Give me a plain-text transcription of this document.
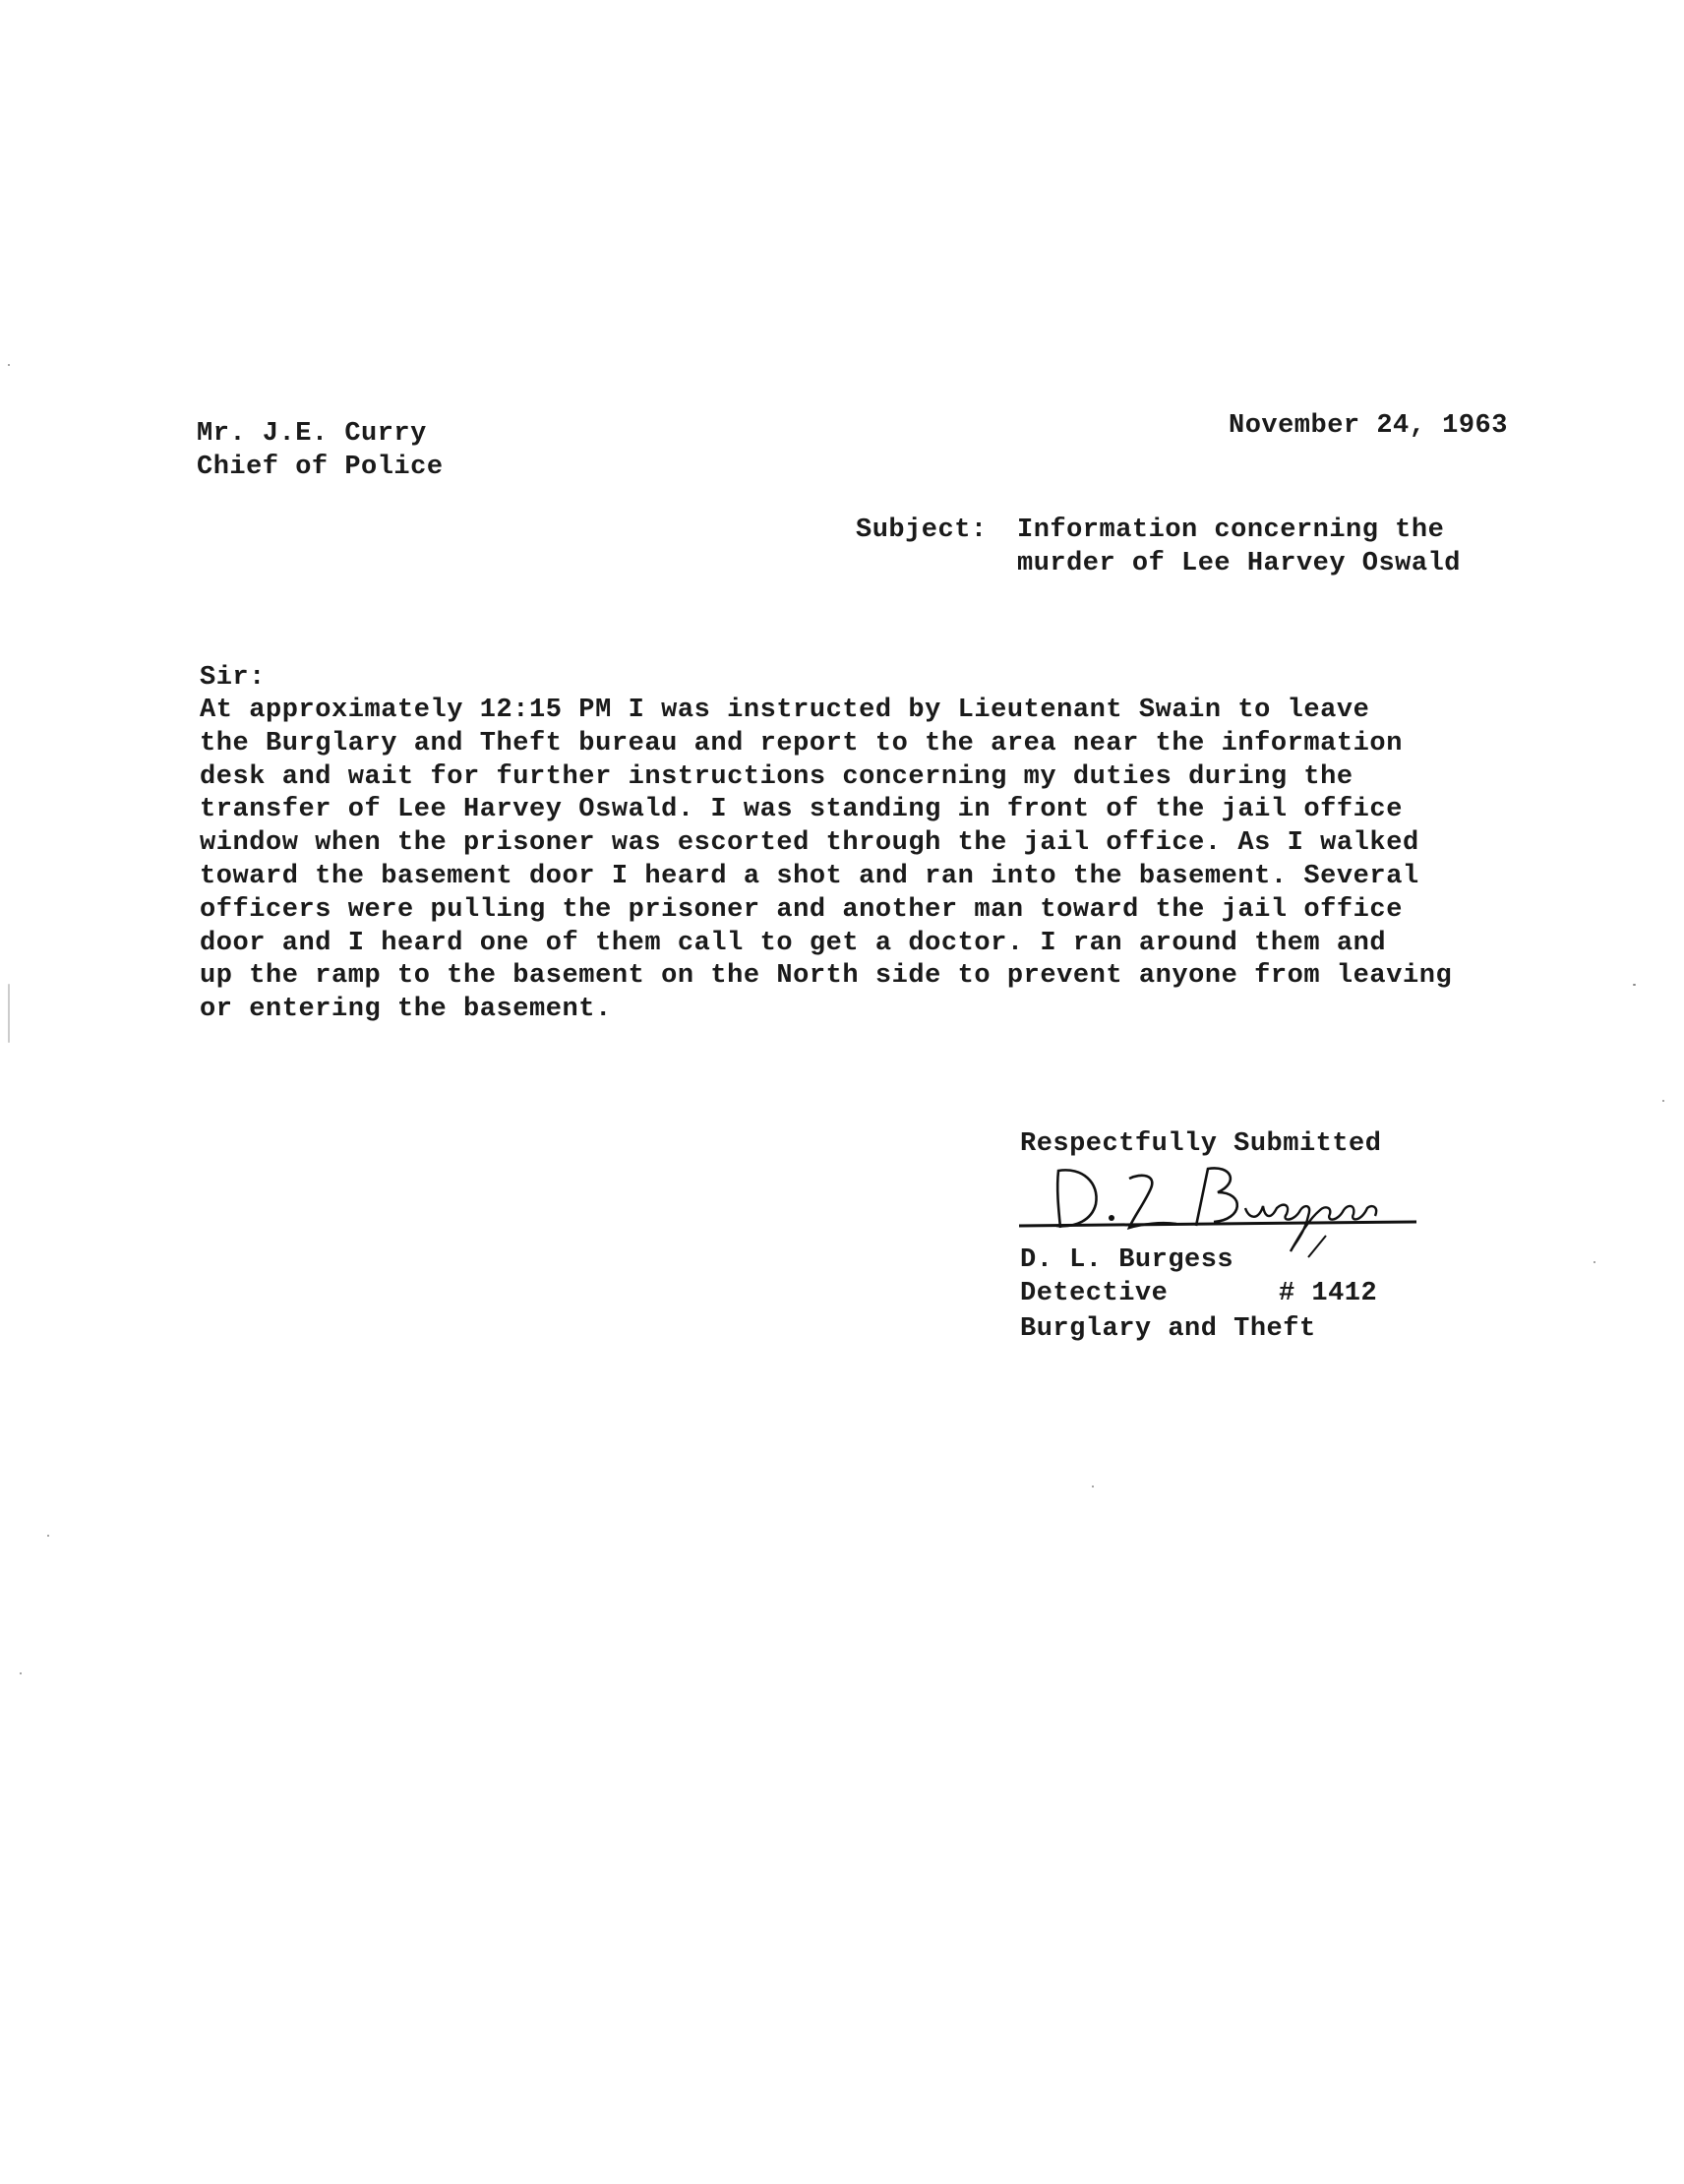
Mr. J.E. Curry
Chief of Police
November 24, 1963
Subject: Information concerning the
murder of Lee Harvey Oswald
Sir:
At approximately 12:15 PM I was instructed by Lieutenant Swain to leave
the Burglary and Theft bureau and report to the area near the information
desk and wait for further instructions concerning my duties during the
transfer of Lee Harvey Oswald. I was standing in front of the jail office
window when the prisoner was escorted through the jail office. As I walked
toward the basement door I heard a shot and ran into the basement. Several
officers were pulling the prisoner and another man toward the jail office
door and I heard one of them call to get a doctor. I ran around them and
up the ramp to the basement on the North side to prevent anyone from leaving
or entering the basement.
Respectfully Submitted
D. L. Burgess
Detective	# 1412
Burglary and Theft
